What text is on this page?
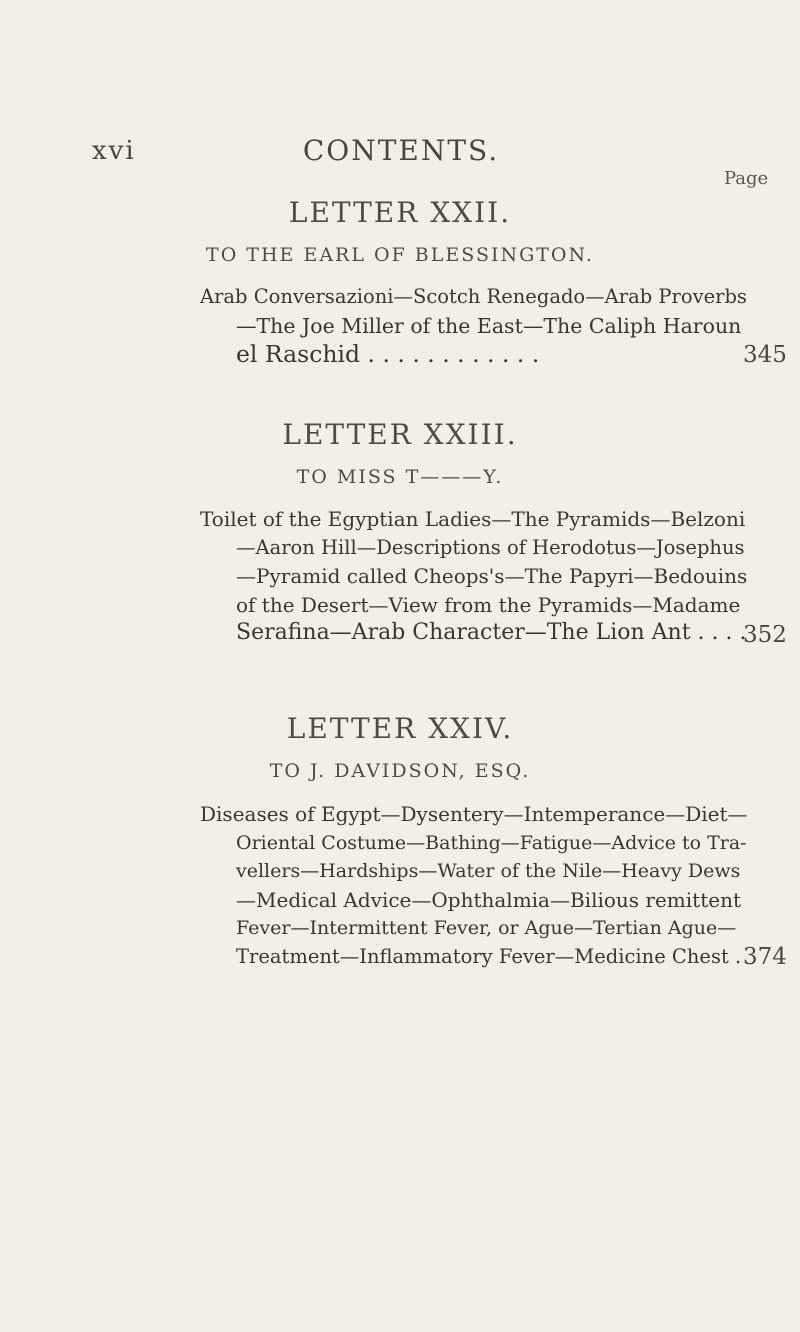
xvi	CONTENTS.
Page
LETTER XXII.
TO THE EARL OF BLESSINGTON.
Arab Conversazioni—Scotch Renegado—Arab Proverbs
—The Joe Miller of the East—The Caliph Haroun
el Raschid . . . . . . . . . . . .	345
LETTER XXIII.
TO MISS T———Y.
Toilet of the Egyptian Ladies—The Pyramids—Belzoni
—Aaron Hill—Descriptions of Herodotus—Josephus
—Pyramid called Cheops's—The Papyri—Bedouins
of the Desert—View from the Pyramids—Madame
Serafina—Arab Character—The Lion Ant . . . .
352
LETTER XXIV.
TO J. DAVIDSON, ESQ.
Diseases of Egypt—Dysentery—Intemperance—Diet—
Oriental Costume—Bathing—Fatigue—Advice to Tra-
vellers—Hardships—Water of the Nile—Heavy Dews
—Medical Advice—Ophthalmia—Bilious remittent
Fever—Intermittent Fever, or Ague—Tertian Ague—
Treatment—Inflammatory Fever—Medicine Chest . 374
